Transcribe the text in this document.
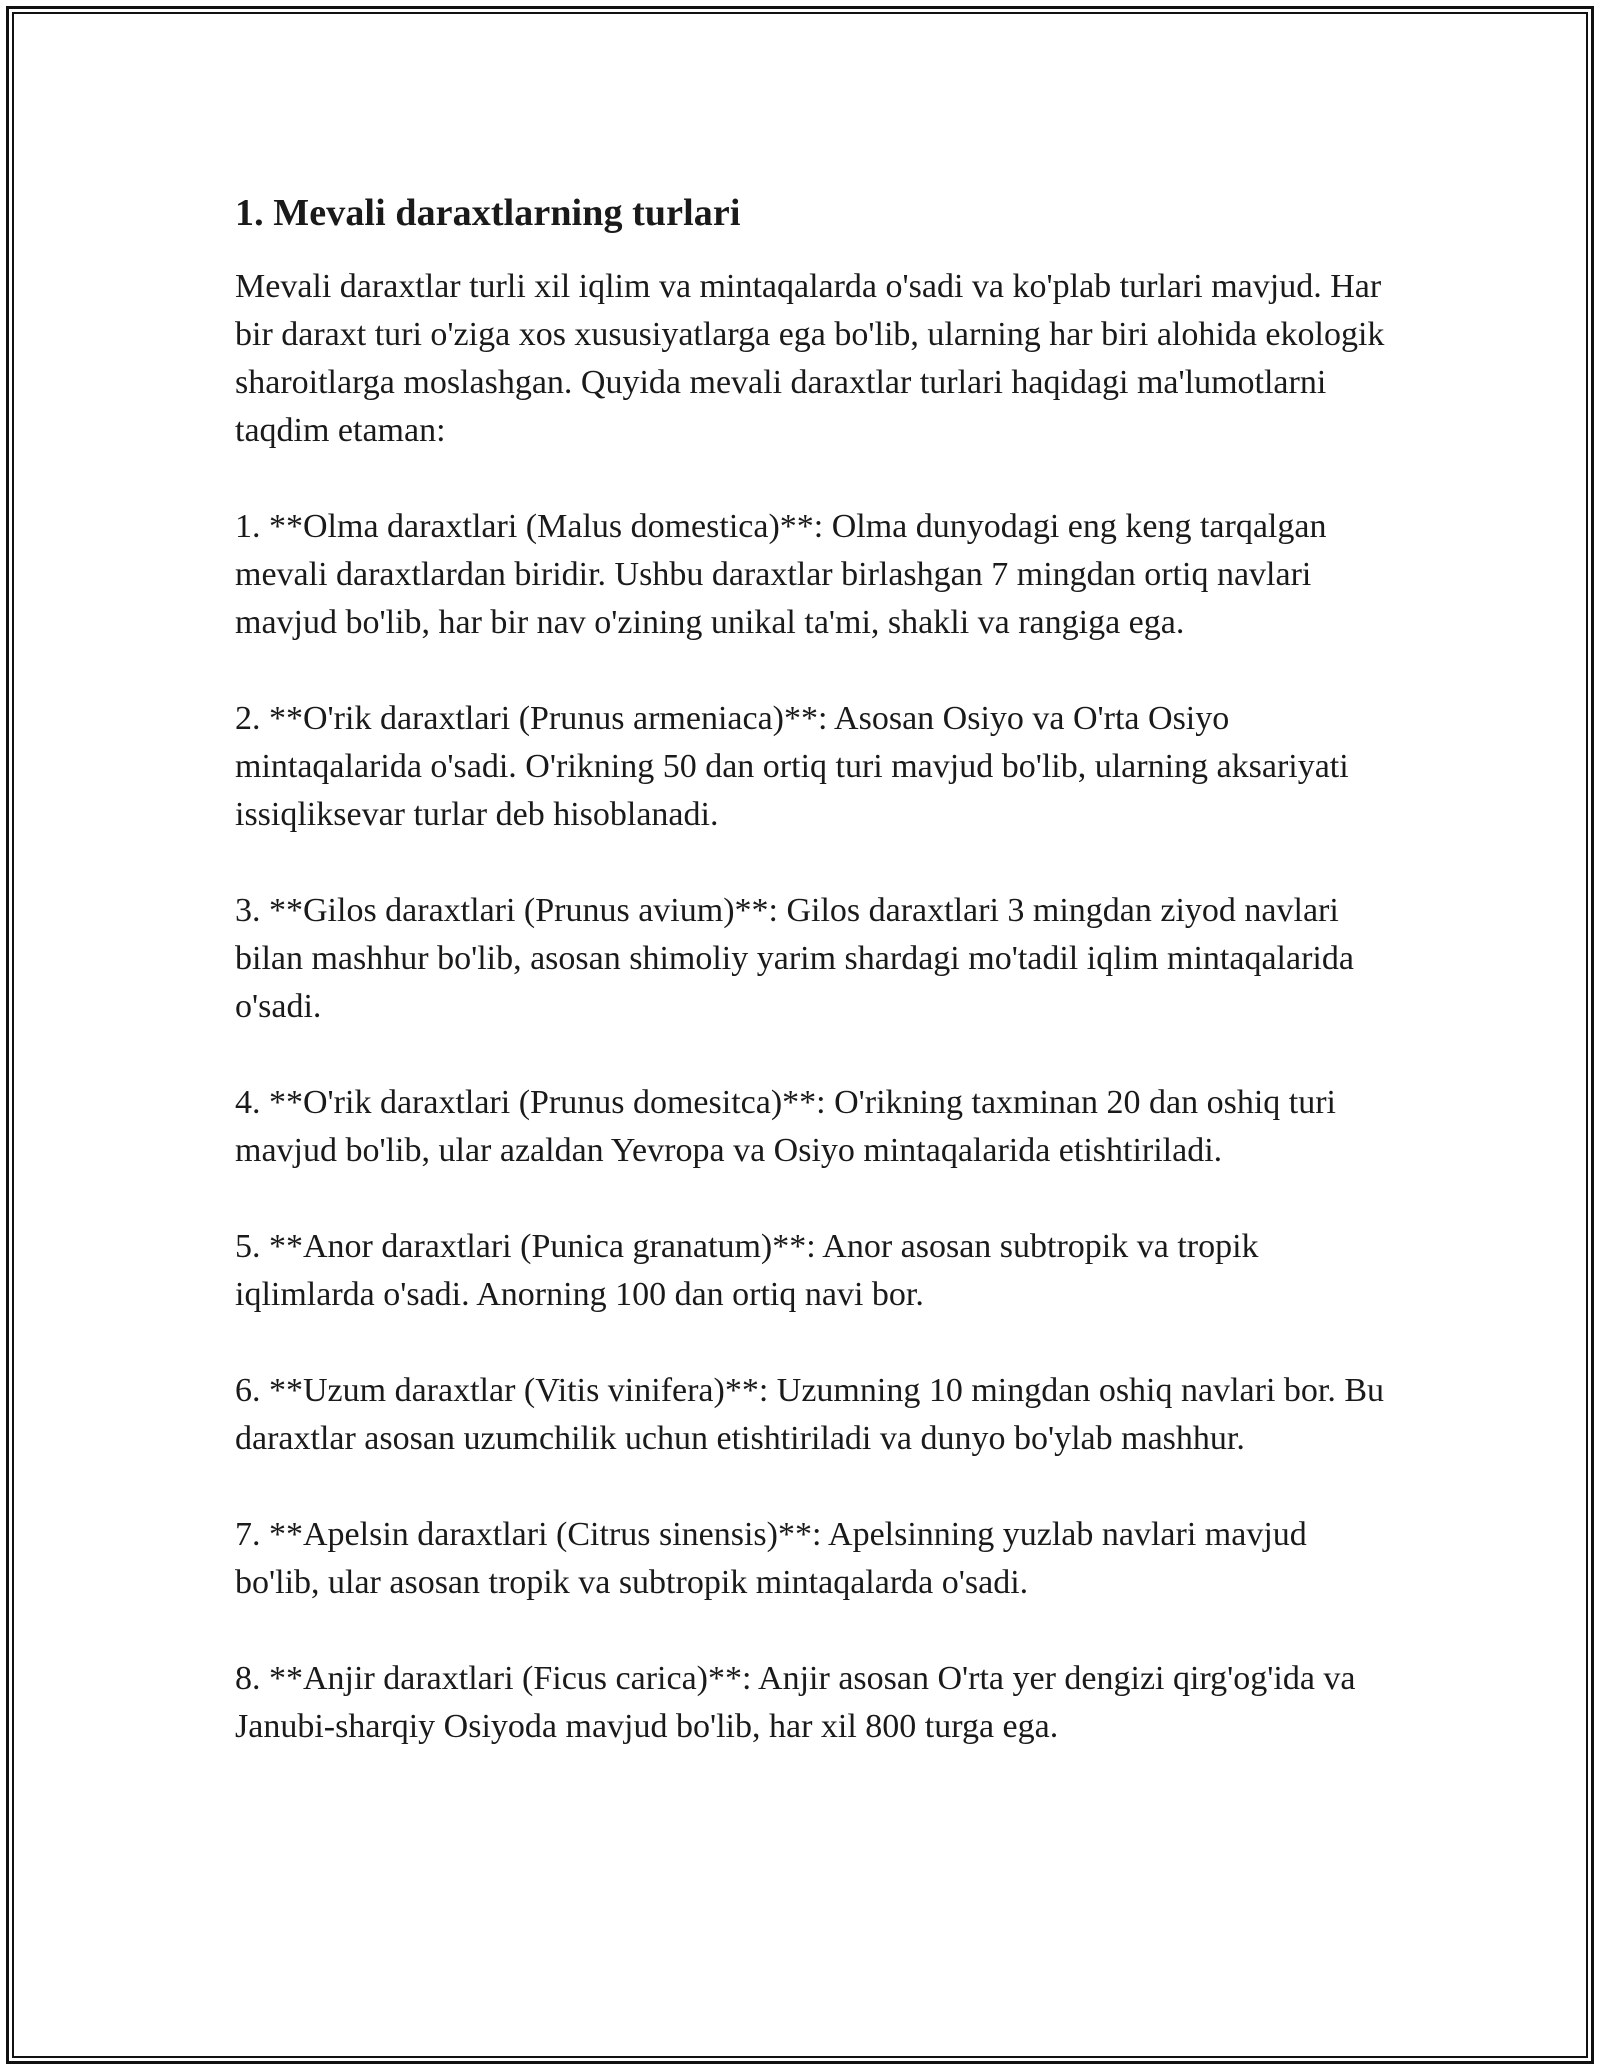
1. Mevali daraxtlarning turlari

Mevali daraxtlar turli xil iqlim va mintaqalarda o'sadi va ko'plab turlari mavjud. Har bir daraxt turi o'ziga xos xususiyatlarga ega bo'lib, ularning har biri alohida ekologik sharoitlarga moslashgan. Quyida mevali daraxtlar turlari haqidagi ma'lumotlarni taqdim etaman:

1. **Olma daraxtlari (Malus domestica)**: Olma dunyodagi eng keng tarqalgan mevali daraxtlardan biridir. Ushbu daraxtlar birlashgan 7 mingdan ortiq navlari mavjud bo'lib, har bir nav o'zining unikal ta'mi, shakli va rangiga ega.

2. **O'rik daraxtlari (Prunus armeniaca)**: Asosan Osiyo va O'rta Osiyo mintaqalarida o'sadi. O'rikning 50 dan ortiq turi mavjud bo'lib, ularning aksariyati issiqliksevar turlar deb hisoblanadi.

3. **Gilos daraxtlari (Prunus avium)**: Gilos daraxtlari 3 mingdan ziyod navlari bilan mashhur bo'lib, asosan shimoliy yarim shardagi mo'tadil iqlim mintaqalarida o'sadi.

4. **O'rik daraxtlari (Prunus domesitca)**: O'rikning taxminan 20 dan oshiq turi mavjud bo'lib, ular azaldan Yevropa va Osiyo mintaqalarida etishtiriladi.

5. **Anor daraxtlari (Punica granatum)**: Anor asosan subtropik va tropik iqlimlarda o'sadi. Anorning 100 dan ortiq navi bor.

6. **Uzum daraxtlar (Vitis vinifera)**: Uzumning 10 mingdan oshiq navlari bor. Bu daraxtlar asosan uzumchilik uchun etishtiriladi va dunyo bo'ylab mashhur.

7. **Apelsin daraxtlari (Citrus sinensis)**: Apelsinning yuzlab navlari mavjud bo'lib, ular asosan tropik va subtropik mintaqalarda o'sadi.

8. **Anjir daraxtlari (Ficus carica)**: Anjir asosan O'rta yer dengizi qirg'og'ida va Janubi-sharqiy Osiyoda mavjud bo'lib, har xil 800 turga ega.
